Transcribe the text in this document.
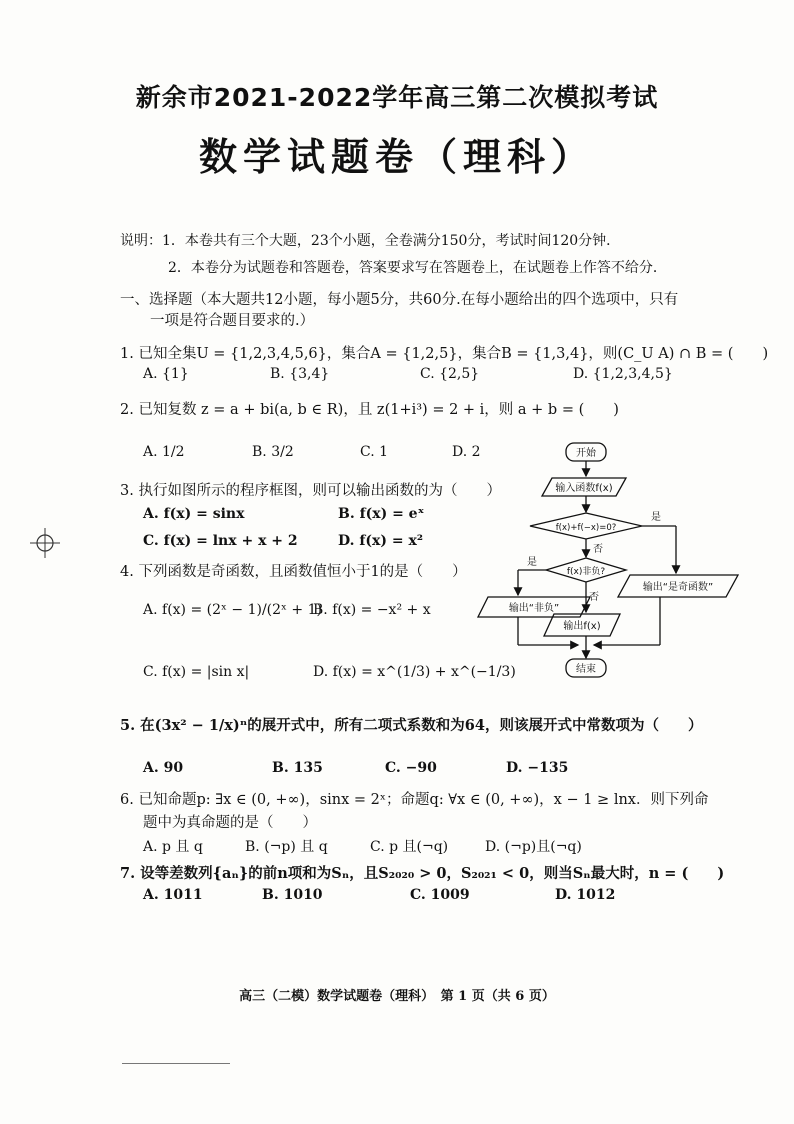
新余市2021-2022学年高三第二次模拟考试
数学试题卷（理科）
说明：1．本卷共有三个大题，23个小题，全卷满分150分，考试时间120分钟．
2．本卷分为试题卷和答题卷，答案要求写在答题卷上，在试题卷上作答不给分．
一、选择题（本大题共12小题，每小题5分，共60分.在每小题给出的四个选项中，只有
一项是符合题目要求的.）
1. 已知全集U = {1,2,3,4,5,6}，集合A = {1,2,5}，集合B = {1,3,4}，则(C_U A) ∩ B = (　　)
A. {1}	B. {3,4}	C. {2,5}	D. {1,2,3,4,5}
2. 已知复数 z = a + bi(a, b ∈ R)，且 z(1+i³) = 2 + i，则 a + b = (　　)
A. 1/2	B. 3/2	C. 1	D. 2
3. 执行如图所示的程序框图，则可以输出函数的为（　　）
A. f(x) = sinx	B. f(x) = eˣ
C. f(x) = lnx + x + 2	D. f(x) = x²
4. 下列函数是奇函数，且函数值恒小于1的是（　　）
A. f(x) = (2ˣ − 1)/(2ˣ + 1)
B. f(x) = −x² + x
C. f(x) = |sin x|	D. f(x) = x^(1/3) + x^(−1/3)
5. 在(3x² − 1/x)ⁿ的展开式中，所有二项式系数和为64，则该展开式中常数项为（　　）
A. 90	B. 135	C. −90	D. −135
6. 已知命题p: ∃x ∈ (0, +∞)，sinx = 2ˣ；命题q: ∀x ∈ (0, +∞)，x − 1 ≥ lnx．则下列命
题中为真命题的是（　　）
A. p 且 q	B. (¬p) 且 q	C. p 且(¬q)	D. (¬p)且(¬q)
7. 设等差数列{aₙ}的前n项和为Sₙ，且S₂₀₂₀ > 0，S₂₀₂₁ < 0，则当Sₙ最大时，n = (　　)
A. 1011	B. 1010	C. 1009	D. 1012
开始
输入函数f(x)
f(x)+f(−x)=0?
是
否
f(x)非负?
是
否
输出“是奇函数”
输出“非负”
输出f(x)
结束
高三（二模）数学试题卷（理科）　第 1 页（共 6 页）
